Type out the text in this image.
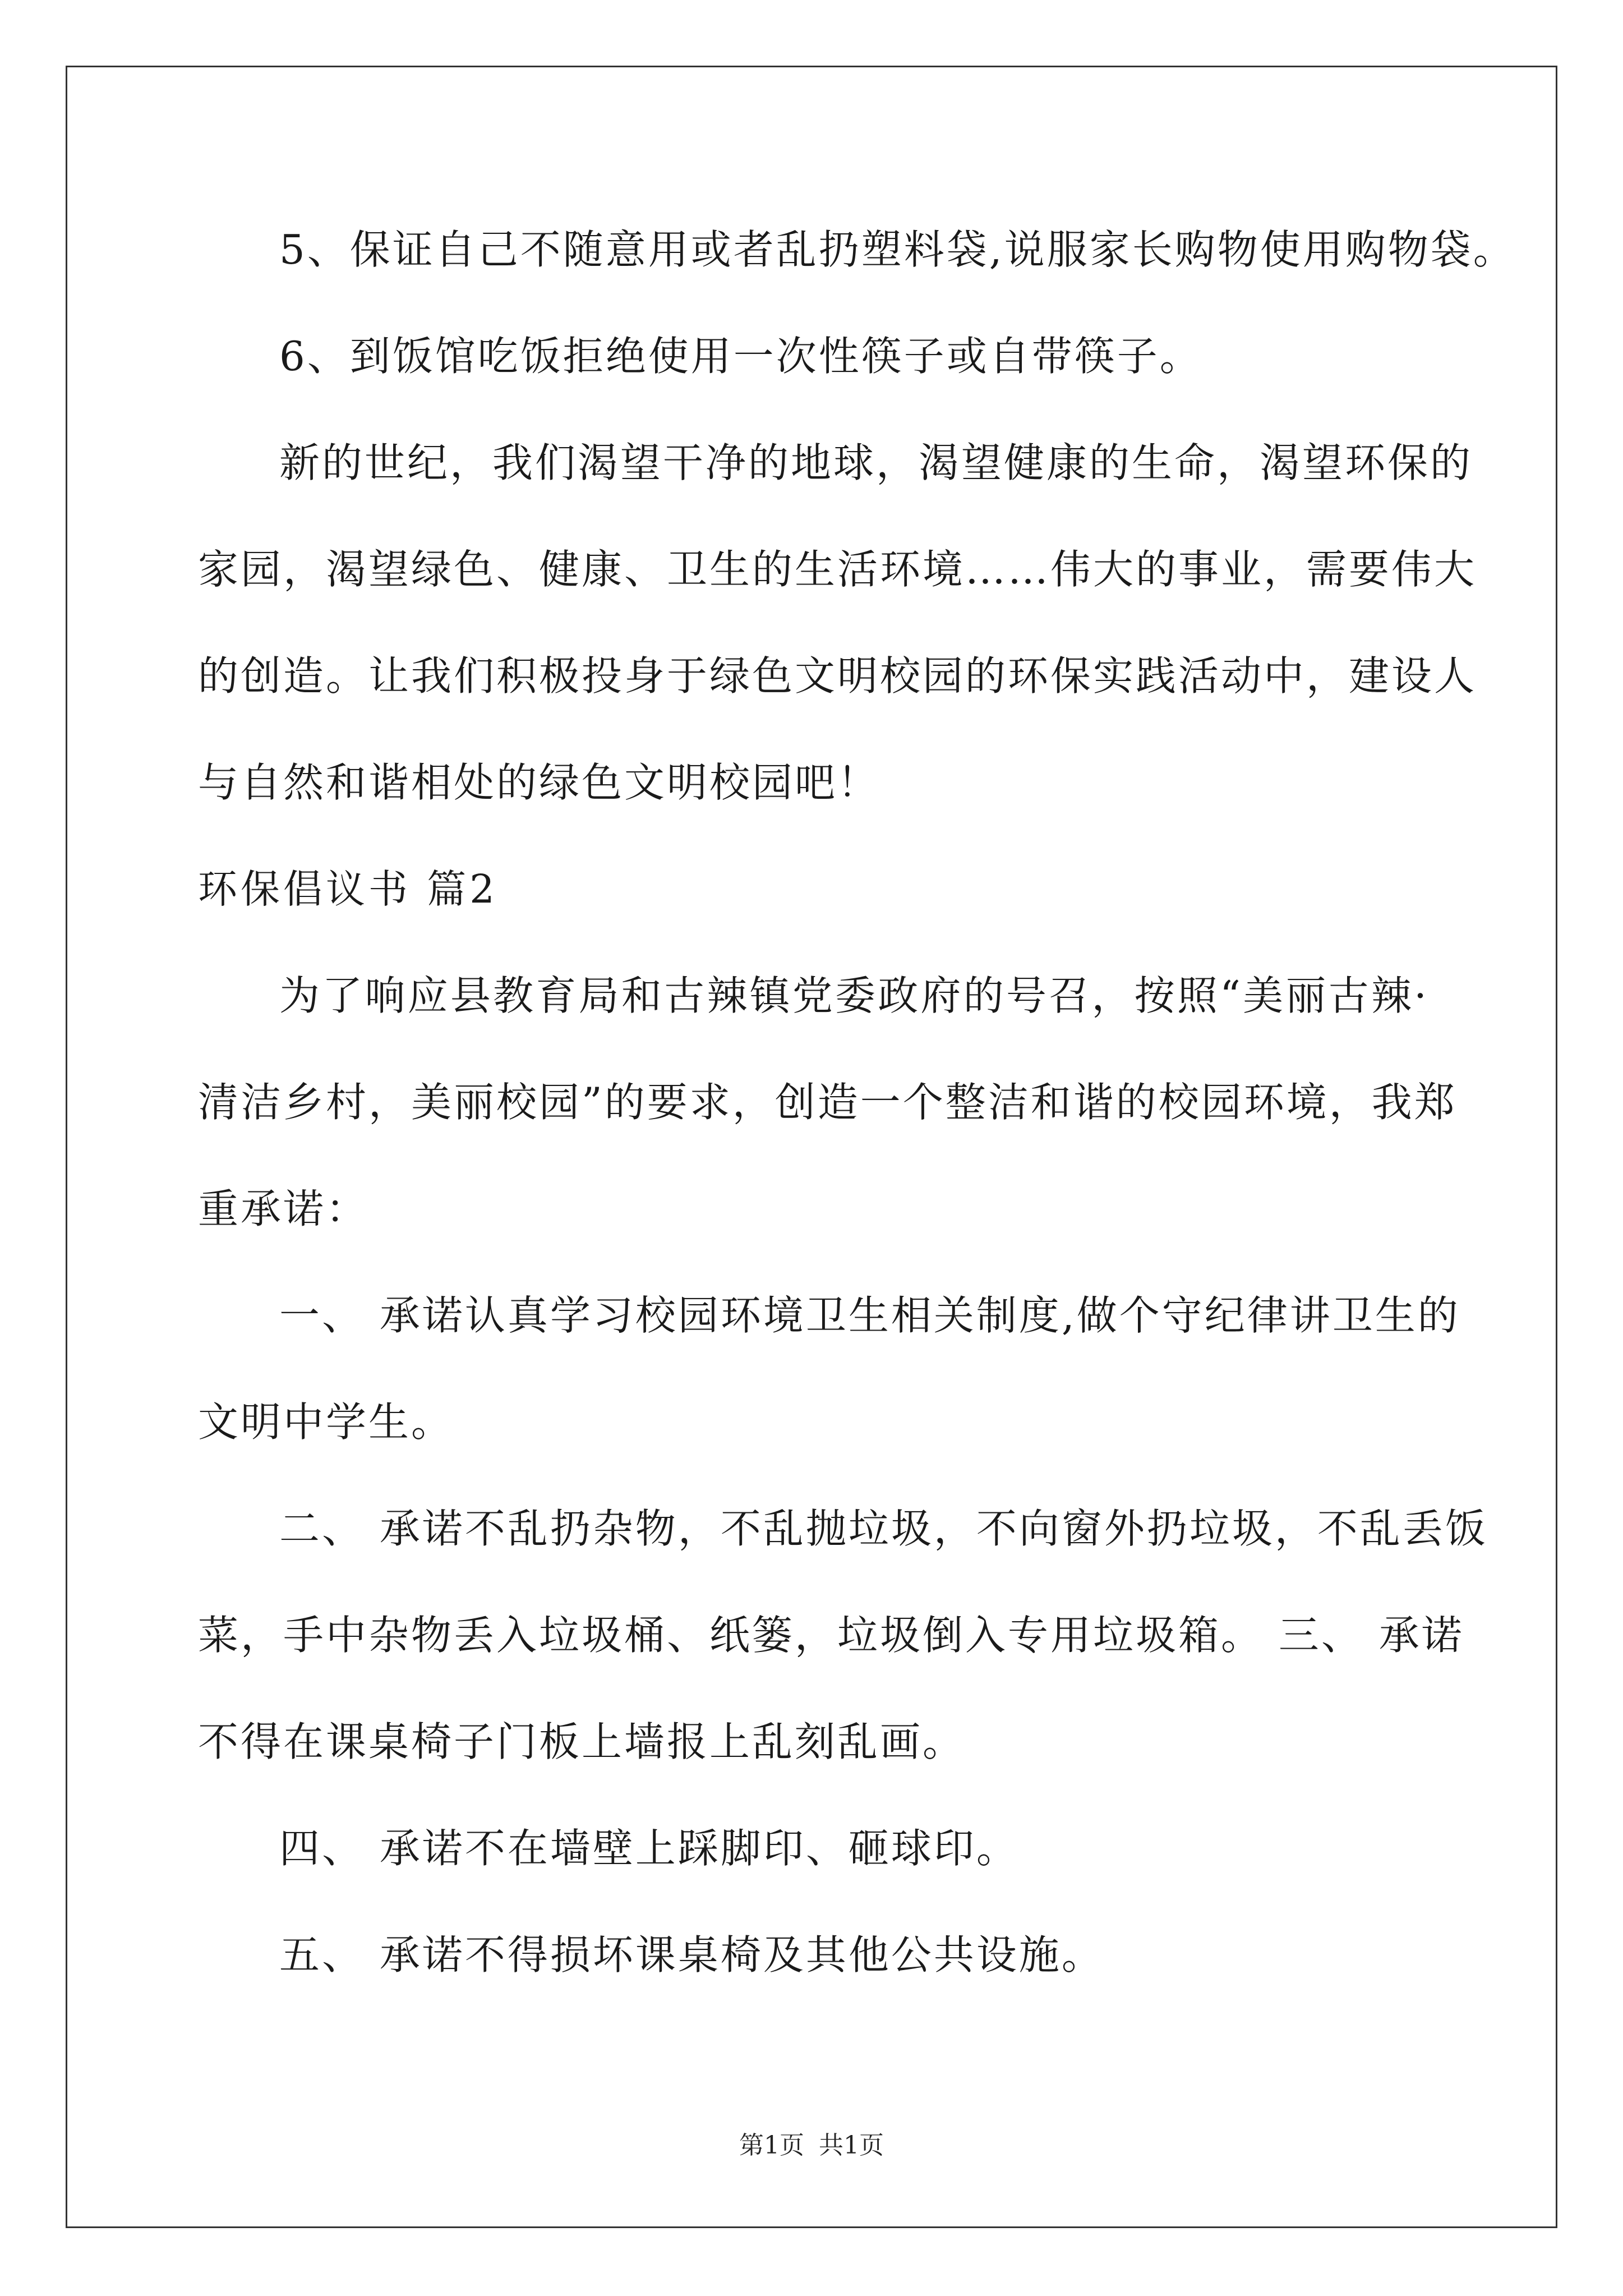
5、保证自己不随意用或者乱扔塑料袋,说服家长购物使用购物袋。
6、到饭馆吃饭拒绝使用一次性筷子或自带筷子。
新的世纪，我们渴望干净的地球，渴望健康的生命，渴望环保的
家园，渴望绿色、健康、卫生的生活环境……伟大的事业，需要伟大
的创造。让我们积极投身于绿色文明校园的环保实践活动中，建设人
与自然和谐相处的绿色文明校园吧！
环保倡议书 篇2
为了响应县教育局和古辣镇党委政府的号召，按照“美丽古辣·
清洁乡村，美丽校园”的要求，创造一个整洁和谐的校园环境，我郑
重承诺：
一、 承诺认真学习校园环境卫生相关制度,做个守纪律讲卫生的
文明中学生。
二、 承诺不乱扔杂物，不乱抛垃圾，不向窗外扔垃圾，不乱丢饭
菜，手中杂物丢入垃圾桶、纸篓，垃圾倒入专用垃圾箱。 三、 承诺
不得在课桌椅子门板上墙报上乱刻乱画。
四、 承诺不在墙壁上踩脚印、砸球印。
五、 承诺不得损坏课桌椅及其他公共设施。
第1页 共1页
